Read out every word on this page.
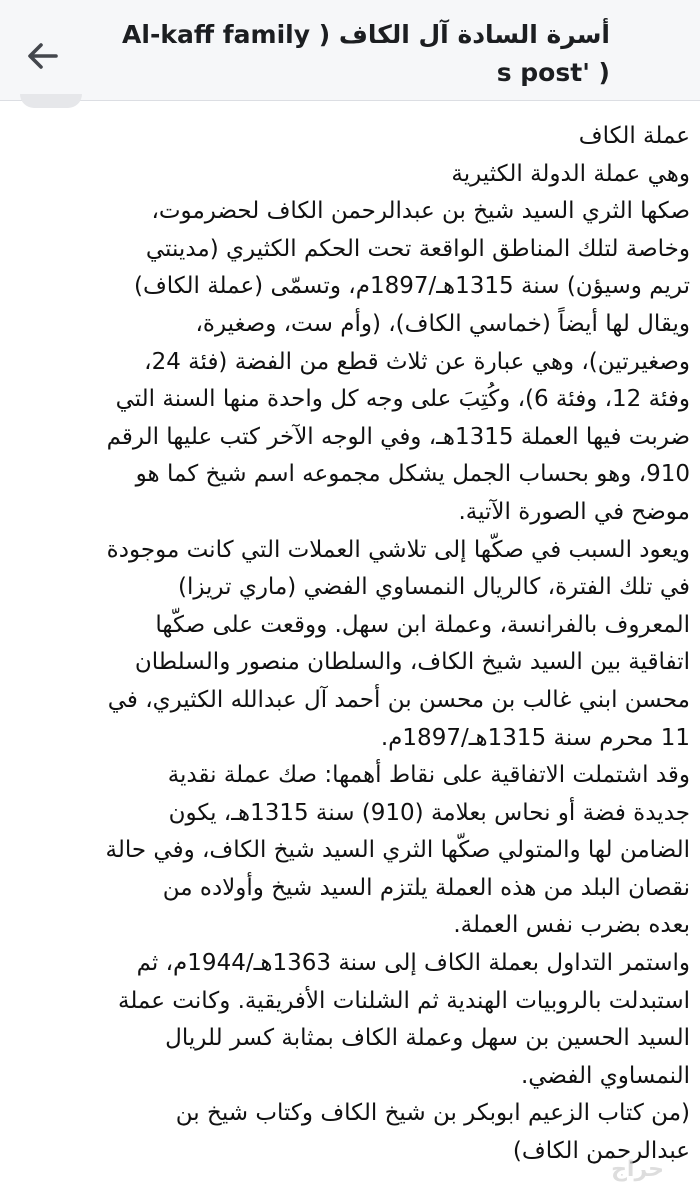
أسرة السادة آل الكاف ( Al-kaff family
( 's post
عملة الكاف
وهي عملة الدولة الكثيرية
صكها الثري السيد شيخ بن عبدالرحمن الكاف لحضرموت،
وخاصة لتلك المناطق الواقعة تحت الحكم الكثيري (مدينتي
تريم وسيؤن) سنة 1315هـ/1897م، وتسمّى (عملة الكاف)
ويقال لها أيضاً (خماسي الكاف)، (وأم ست، وصغيرة،
وصغيرتين)، وهي عبارة عن ثلاث قطع من الفضة (فئة 24،
وفئة 12، وفئة 6)، وكُتِبَ على وجه كل واحدة منها السنة التي
ضربت فيها العملة 1315هـ، وفي الوجه الآخر كتب عليها الرقم
910، وهو بحساب الجمل يشكل مجموعه اسم شيخ كما هو
موضح في الصورة الآتية.
ويعود السبب في صكّها إلى تلاشي العملات التي كانت موجودة
في تلك الفترة، كالريال النمساوي الفضي (ماري تريزا)
المعروف بالفرانسة، وعملة ابن سهل. ووقعت على صكّها
اتفاقية بين السيد شيخ الكاف، والسلطان منصور والسلطان
محسن ابني غالب بن محسن بن أحمد آل عبدالله الكثيري، في
11 محرم سنة 1315هـ/1897م.
وقد اشتملت الاتفاقية على نقاط أهمها: صك عملة نقدية
جديدة فضة أو نحاس بعلامة (910) سنة 1315هـ، يكون
الضامن لها والمتولي صكّها الثري السيد شيخ الكاف، وفي حالة
نقصان البلد من هذه العملة يلتزم السيد شيخ وأولاده من
بعده بضرب نفس العملة.
واستمر التداول بعملة الكاف إلى سنة 1363هـ/1944م، ثم
استبدلت بالروبيات الهندية ثم الشلنات الأفريقية. وكانت عملة
السيد الحسين بن سهل وعملة الكاف بمثابة كسر للريال
النمساوي الفضي.
(من كتاب الزعيم ابوبكر بن شيخ الكاف وكتاب شيخ بن
عبدالرحمن الكاف)
حراج
